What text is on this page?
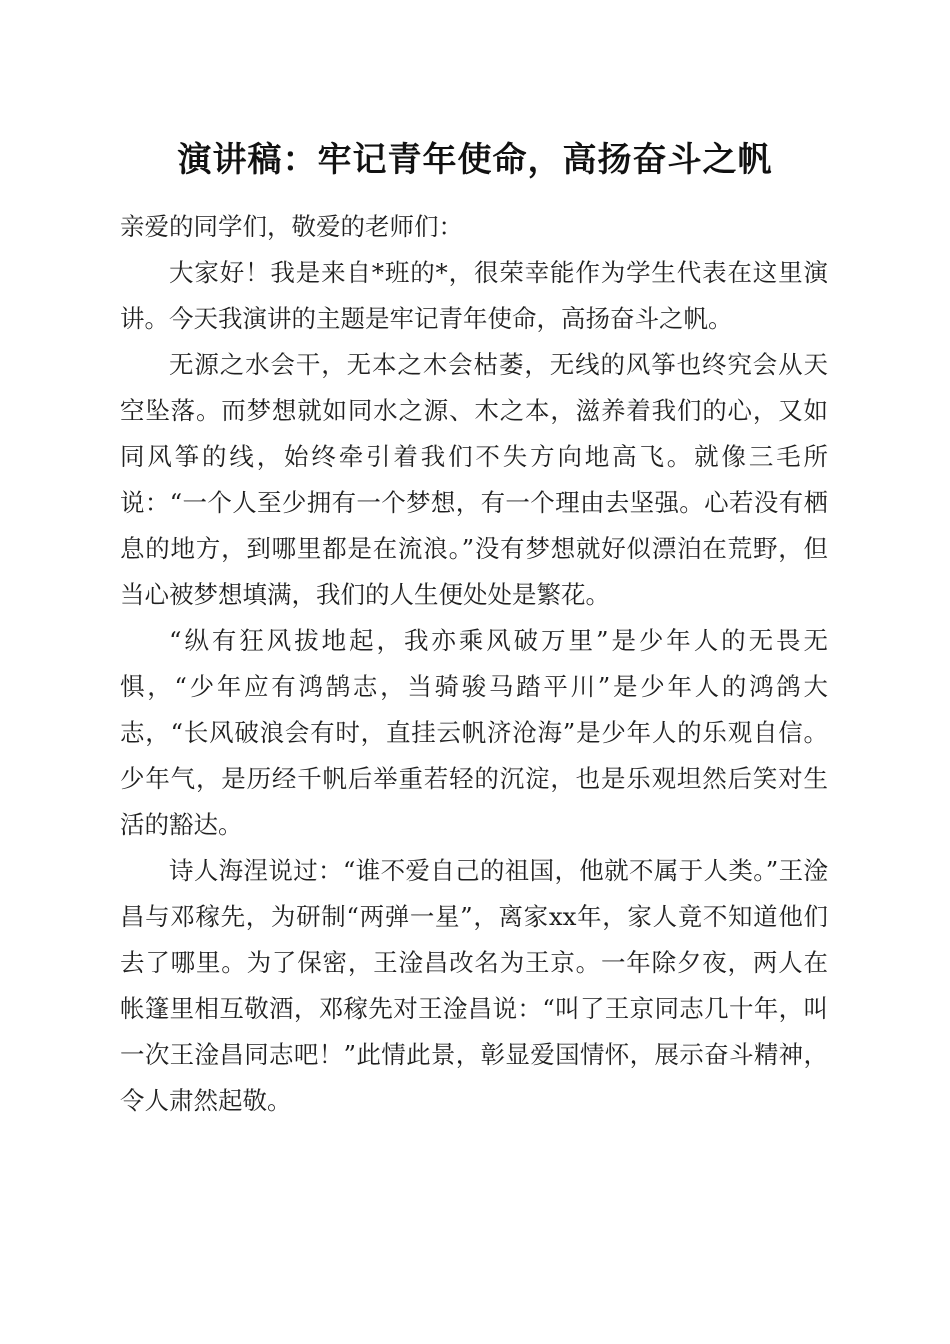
演讲稿：牢记青年使命，高扬奋斗之帆

亲爱的同学们，敬爱的老师们：

大家好！我是来自*班的*，很荣幸能作为学生代表在这里演讲。今天我演讲的主题是牢记青年使命，高扬奋斗之帆。

无源之水会干，无本之木会枯萎，无线的风筝也终究会从天空坠落。而梦想就如同水之源、木之本，滋养着我们的心，又如同风筝的线，始终牵引着我们不失方向地高飞。就像三毛所说：“一个人至少拥有一个梦想，有一个理由去坚强。心若没有栖息的地方，到哪里都是在流浪。”没有梦想就好似漂泊在荒野，但当心被梦想填满，我们的人生便处处是繁花。

“纵有狂风拔地起，我亦乘风破万里”是少年人的无畏无惧，“少年应有鸿鹄志，当骑骏马踏平川”是少年人的鸿鸽大志，“长风破浪会有时，直挂云帆济沧海”是少年人的乐观自信。少年气，是历经千帆后举重若轻的沉淀，也是乐观坦然后笑对生活的豁达。

诗人海涅说过：“谁不爱自己的祖国，他就不属于人类。”王淦昌与邓稼先，为研制“两弹一星”，离家xx年，家人竟不知道他们去了哪里。为了保密，王淦昌改名为王京。一年除夕夜，两人在帐篷里相互敬酒，邓稼先对王淦昌说：“叫了王京同志几十年，叫一次王淦昌同志吧！”此情此景，彰显爱国情怀，展示奋斗精神，令人肃然起敬。
